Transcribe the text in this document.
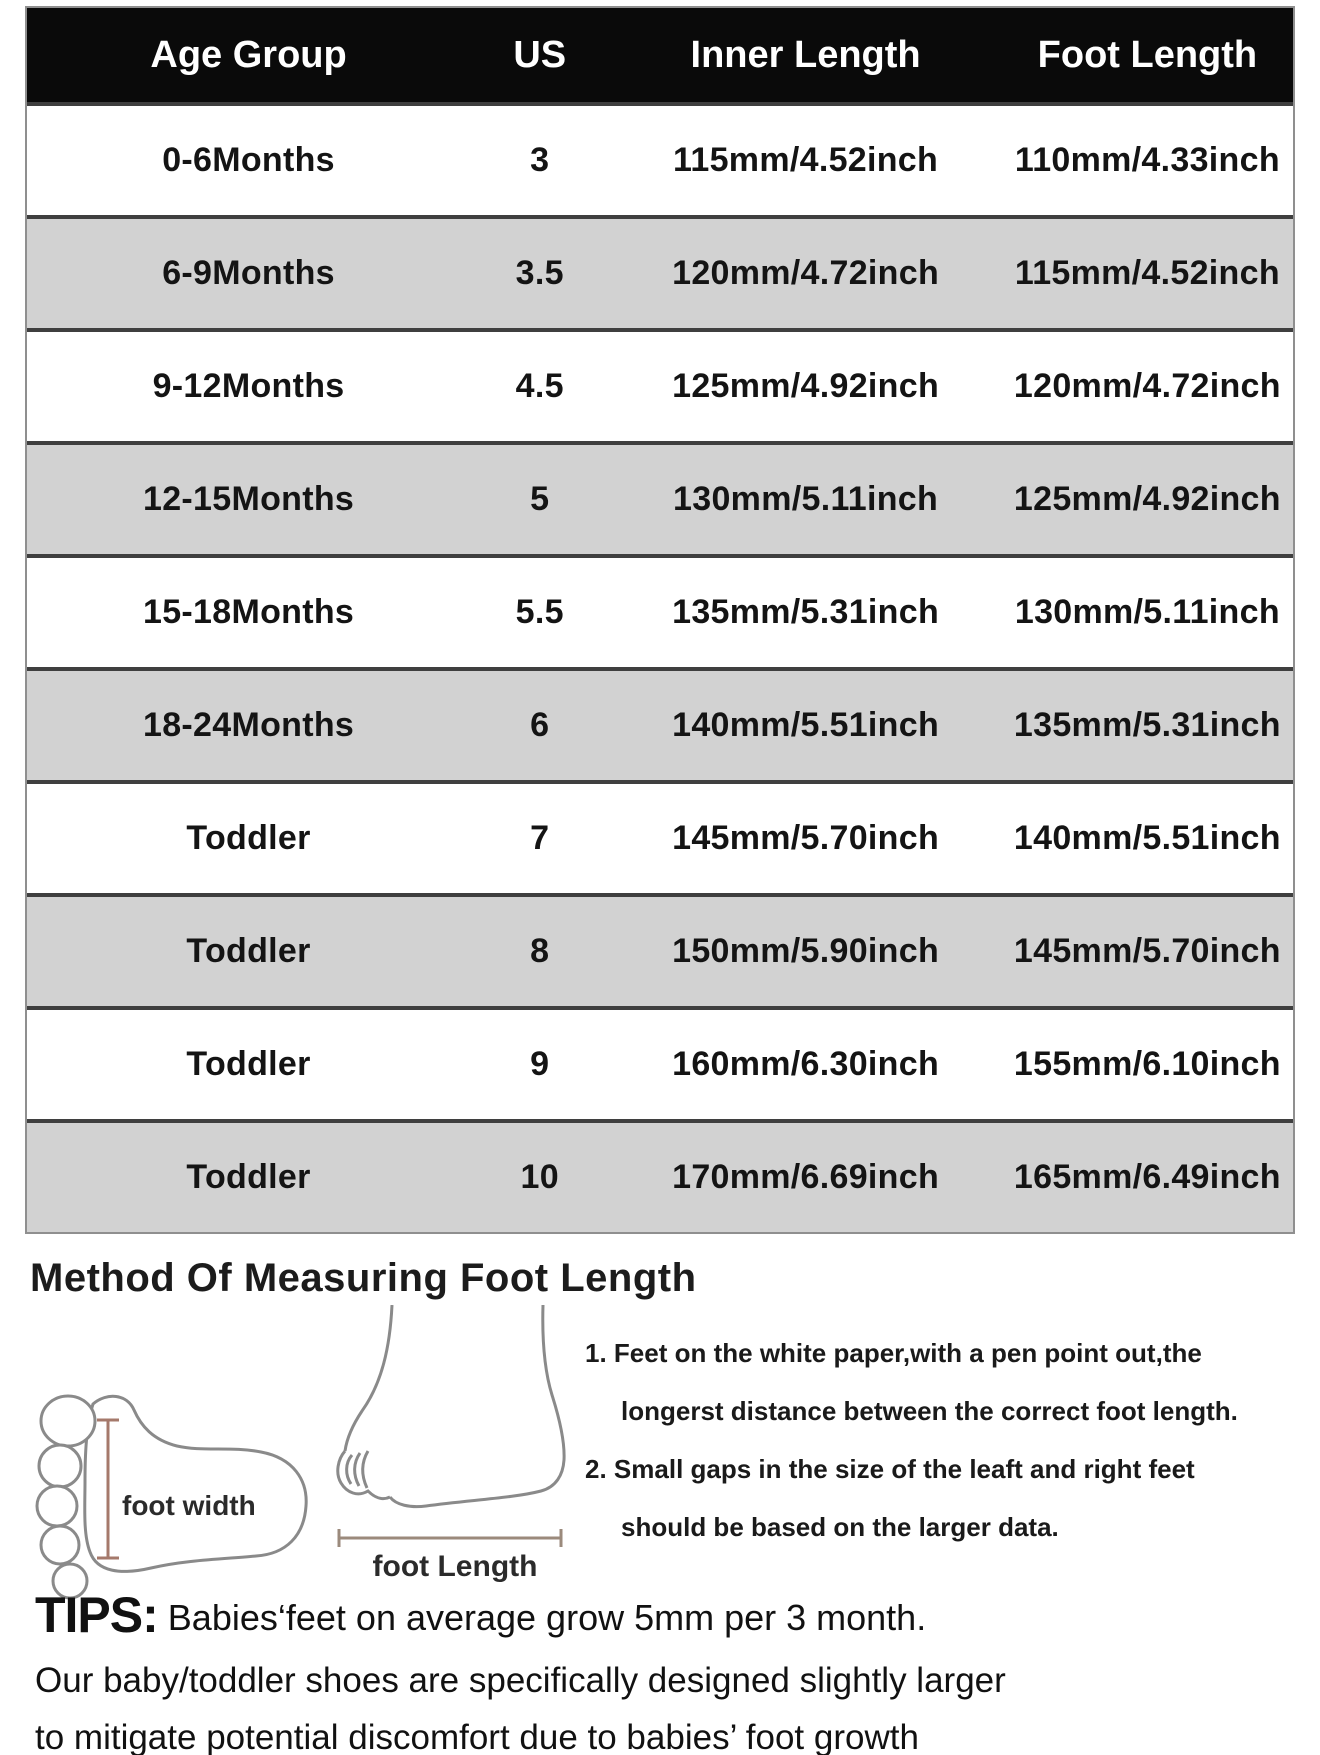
Age Group	US	Inner Length	Foot Length
0-6Months	3	115mm/4.52inch	110mm/4.33inch
6-9Months	3.5	120mm/4.72inch	115mm/4.52inch
9-12Months	4.5	125mm/4.92inch	120mm/4.72inch
12-15Months	5	130mm/5.11inch	125mm/4.92inch
15-18Months	5.5	135mm/5.31inch	130mm/5.11inch
18-24Months	6	140mm/5.51inch	135mm/5.31inch
Toddler	7	145mm/5.70inch	140mm/5.51inch
Toddler	8	150mm/5.90inch	145mm/5.70inch
Toddler	9	160mm/6.30inch	155mm/6.10inch
Toddler	10	170mm/6.69inch	165mm/6.49inch
Method Of Measuring Foot Length
foot width
foot Length
1. Feet on the white paper,with a pen point out,the
longerst distance between the correct foot length.
2. Small gaps in the size of the leaft and right feet
should be based on the larger data.
TIPS: Babies‘feet on average grow 5mm per 3 month.
Our baby/toddler shoes are specifically designed slightly larger
to mitigate potential discomfort due to babies’ foot growth
